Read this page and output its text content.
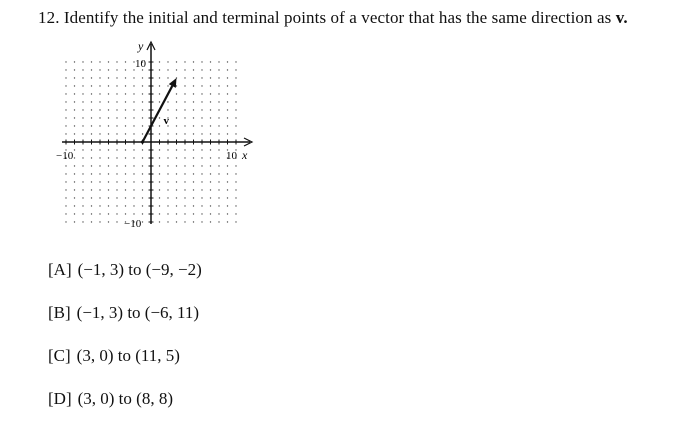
12. Identify the initial and terminal points of a vector that has the same direction as v.
10
−10
−10	10 x
y
v
[A] (−1, 3) to (−9, −2)
[B] (−1, 3) to (−6, 11)
[C] (3, 0) to (11, 5)
[D] (3, 0) to (8, 8)
